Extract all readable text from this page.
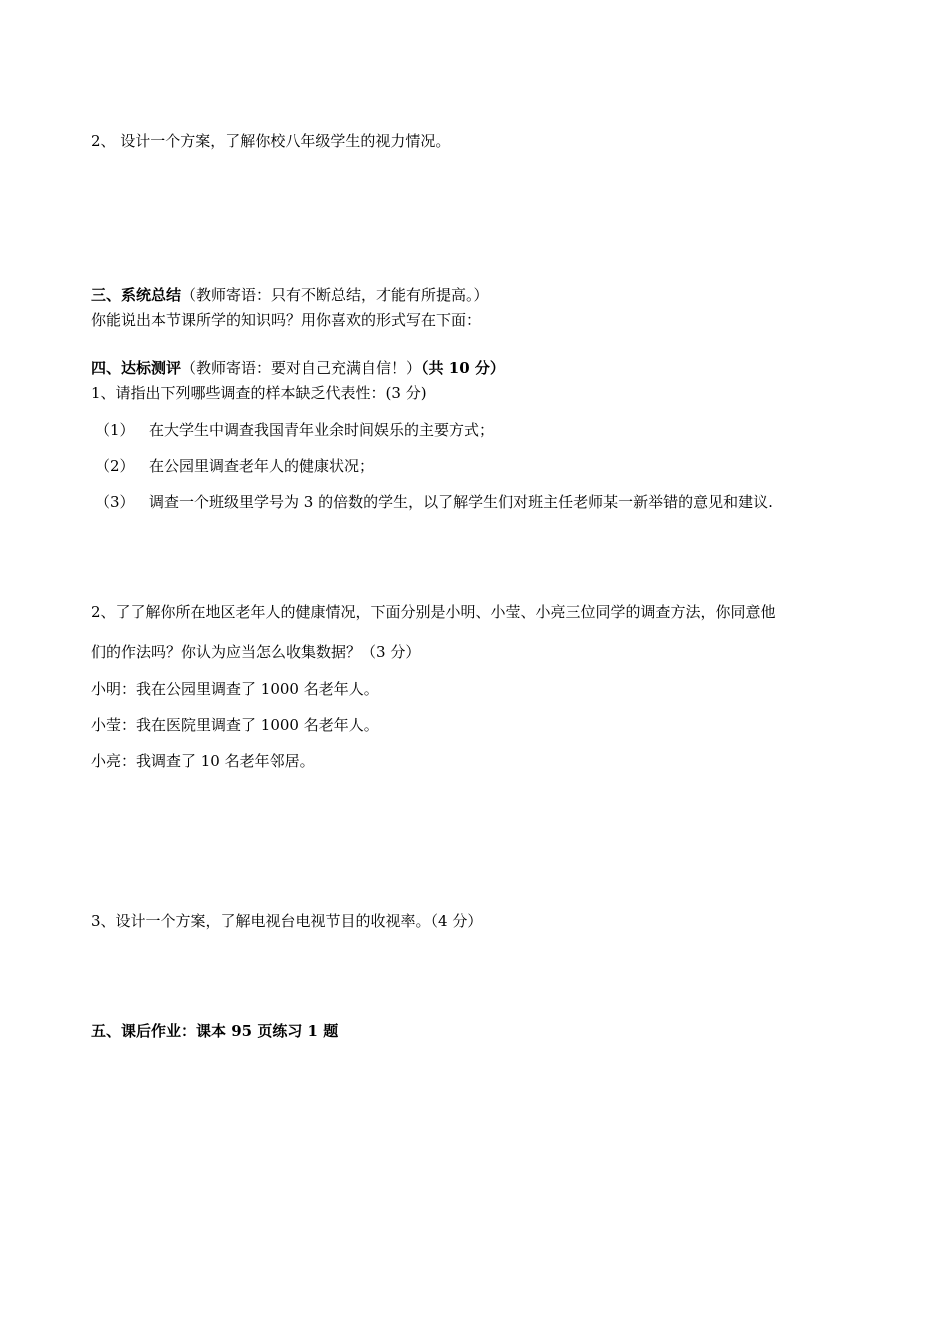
2、 设计一个方案，了解你校八年级学生的视力情况。
三、系统总结（教师寄语：只有不断总结，才能有所提高。）
你能说出本节课所学的知识吗？用你喜欢的形式写在下面：
四、达标测评（教师寄语：要对自己充满自信！）（共 10 分）
1、请指出下列哪些调查的样本缺乏代表性：(3 分)
（1） 在大学生中调查我国青年业余时间娱乐的主要方式；
（2） 在公园里调查老年人的健康状况；
（3） 调查一个班级里学号为 3 的倍数的学生，以了解学生们对班主任老师某一新举错的意见和建议.
2、了了解你所在地区老年人的健康情况，下面分别是小明、小莹、小亮三位同学的调查方法，你同意他
们的作法吗？你认为应当怎么收集数据？（3 分）
小明：我在公园里调查了 1000 名老年人。
小莹：我在医院里调查了 1000 名老年人。
小亮：我调查了 10 名老年邻居。
3、设计一个方案，了解电视台电视节目的收视率。（4 分）
五、课后作业：课本 95 页练习 1 题
